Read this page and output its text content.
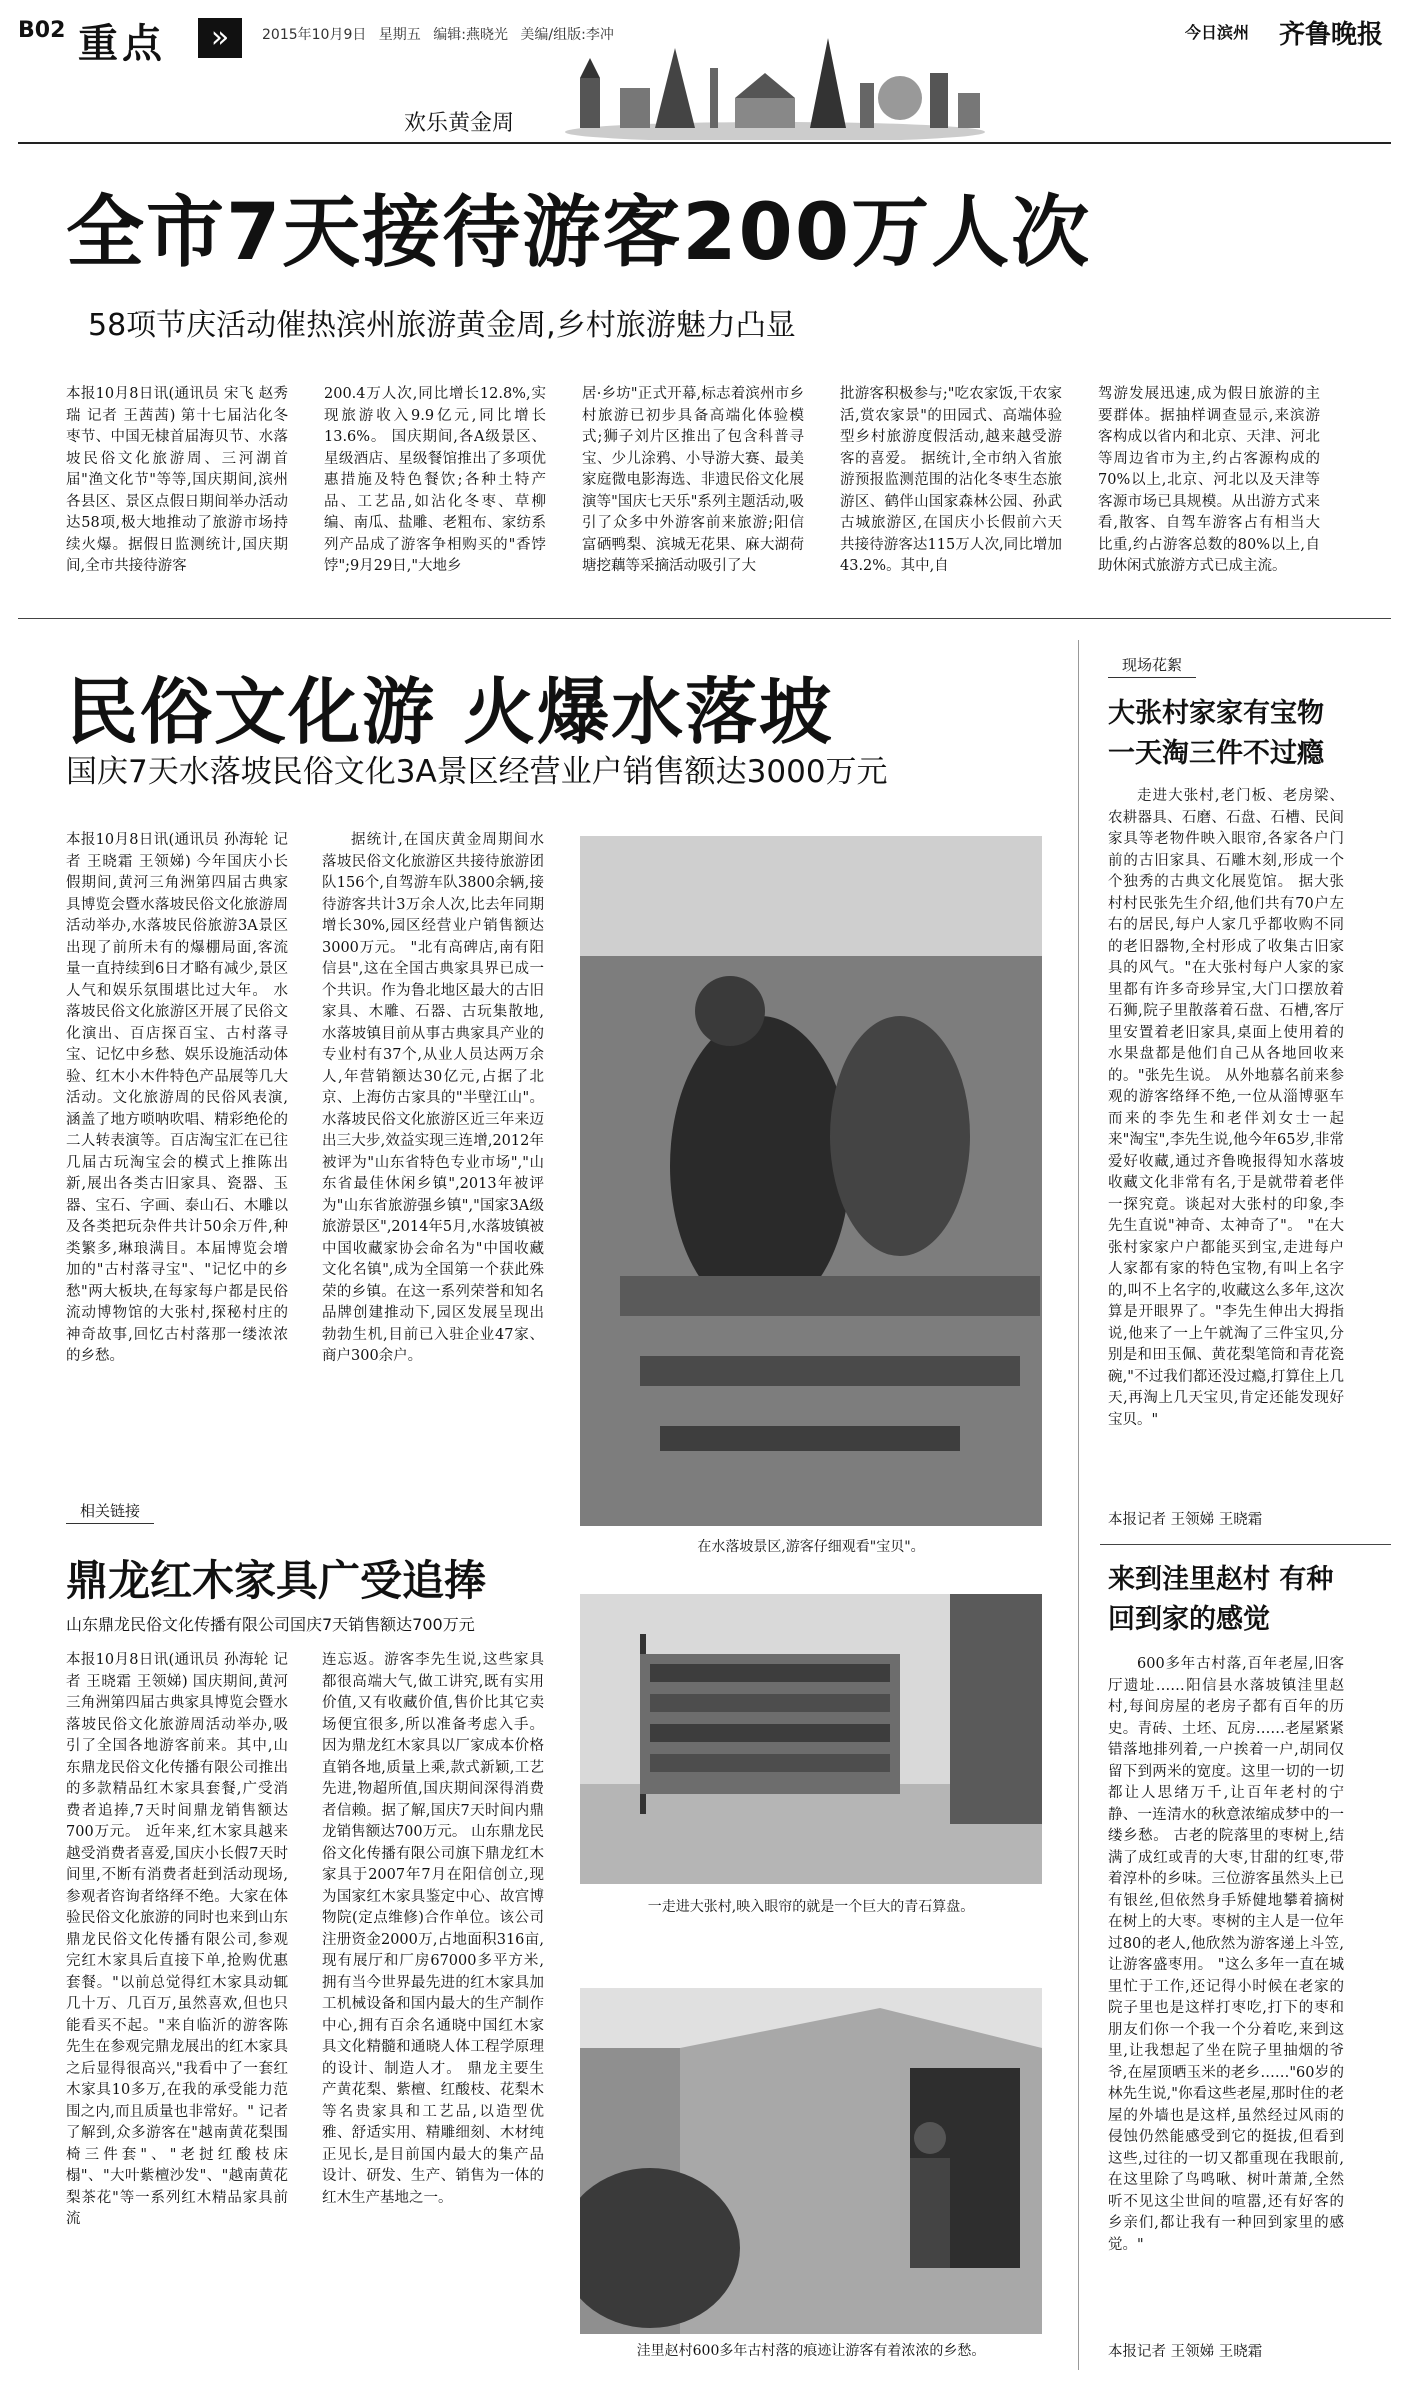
B02 重点	»	2015年10月9日 星期五 编辑:燕晓光 美编/组版:李冲	今日滨州 齐鲁晚报
欢乐黄金周
全市7天接待游客200万人次
58项节庆活动催热滨州旅游黄金周,乡村旅游魅力凸显
本报10月8日讯(通讯员 宋飞 赵秀瑞 记者 王茜茜) 第十七届沾化冬枣节、中国无棣首届海贝节、水落坡民俗文化旅游周、三河湖首届"渔文化节"等等,国庆期间,滨州各县区、景区点假日期间举办活动达58项,极大地推动了旅游市场持续火爆。据假日监测统计,国庆期间,全市共接待游客
200.4万人次,同比增长12.8%,实现旅游收入9.9亿元,同比增长13.6%。 国庆期间,各A级景区、星级酒店、星级餐馆推出了多项优惠措施及特色餐饮;各种土特产品、工艺品,如沾化冬枣、草柳编、南瓜、盐雕、老粗布、家纺系列产品成了游客争相购买的"香饽饽";9月29日,"大地乡
居·乡坊"正式开幕,标志着滨州市乡村旅游已初步具备高端化体验模式;狮子刘片区推出了包含科普寻宝、少儿涂鸦、小导游大赛、最美家庭微电影海选、非遗民俗文化展演等"国庆七天乐"系列主题活动,吸引了众多中外游客前来旅游;阳信富硒鸭梨、滨城无花果、麻大湖荷塘挖藕等采摘活动吸引了大
批游客积极参与;"吃农家饭,干农家活,赏农家景"的田园式、高端体验型乡村旅游度假活动,越来越受游客的喜爱。 据统计,全市纳入省旅游预报监测范围的沾化冬枣生态旅游区、鹤伴山国家森林公园、孙武古城旅游区,在国庆小长假前六天共接待游客达115万人次,同比增加43.2%。其中,自
驾游发展迅速,成为假日旅游的主要群体。据抽样调查显示,来滨游客构成以省内和北京、天津、河北等周边省市为主,约占客源构成的70%以上,北京、河北以及天津等客源市场已具规模。从出游方式来看,散客、自驾车游客占有相当大比重,约占游客总数的80%以上,自助休闲式旅游方式已成主流。
民俗文化游 火爆水落坡
国庆7天水落坡民俗文化3A景区经营业户销售额达3000万元
本报10月8日讯(通讯员 孙海轮 记者 王晓霜 王领娣) 今年国庆小长假期间,黄河三角洲第四届古典家具博览会暨水落坡民俗文化旅游周活动举办,水落坡民俗旅游3A景区出现了前所未有的爆棚局面,客流量一直持续到6日才略有减少,景区人气和娱乐氛围堪比过大年。 水落坡民俗文化旅游区开展了民俗文化演出、百店探百宝、古村落寻宝、记忆中乡愁、娱乐设施活动体验、红木小木件特色产品展等几大活动。文化旅游周的民俗风表演,涵盖了地方唢呐吹唱、精彩绝伦的二人转表演等。百店淘宝汇在已往几届古玩淘宝会的模式上推陈出新,展出各类古旧家具、瓷器、玉器、宝石、字画、泰山石、木雕以及各类把玩杂件共计50余万件,种类繁多,琳琅满目。本届博览会增加的"古村落寻宝"、"记忆中的乡愁"两大板块,在每家每户都是民俗流动博物馆的大张村,探秘村庄的神奇故事,回忆古村落那一缕浓浓的乡愁。
据统计,在国庆黄金周期间水落坡民俗文化旅游区共接待旅游团队156个,自驾游车队3800余辆,接待游客共计3万余人次,比去年同期增长30%,园区经营业户销售额达3000万元。 "北有高碑店,南有阳信县",这在全国古典家具界已成一个共识。作为鲁北地区最大的古旧家具、木雕、石器、古玩集散地,水落坡镇目前从事古典家具产业的专业村有37个,从业人员达两万余人,年营销额达30亿元,占据了北京、上海仿古家具的"半壁江山"。水落坡民俗文化旅游区近三年来迈出三大步,效益实现三连增,2012年被评为"山东省特色专业市场","山东省最佳休闲乡镇",2013年被评为"山东省旅游强乡镇","国家3A级旅游景区",2014年5月,水落坡镇被中国收藏家协会命名为"中国收藏文化名镇",成为全国第一个获此殊荣的乡镇。在这一系列荣誉和知名品牌创建推动下,园区发展呈现出勃勃生机,目前已入驻企业47家、商户300余户。
在水落坡景区,游客仔细观看"宝贝"。
一走进大张村,映入眼帘的就是一个巨大的青石算盘。
洼里赵村600多年古村落的痕迹让游客有着浓浓的乡愁。
相关链接
鼎龙红木家具广受追捧
山东鼎龙民俗文化传播有限公司国庆7天销售额达700万元
本报10月8日讯(通讯员 孙海轮 记者 王晓霜 王领娣) 国庆期间,黄河三角洲第四届古典家具博览会暨水落坡民俗文化旅游周活动举办,吸引了全国各地游客前来。其中,山东鼎龙民俗文化传播有限公司推出的多款精品红木家具套餐,广受消费者追捧,7天时间鼎龙销售额达700万元。 近年来,红木家具越来越受消费者喜爱,国庆小长假7天时间里,不断有消费者赶到活动现场,参观者咨询者络绎不绝。大家在体验民俗文化旅游的同时也来到山东鼎龙民俗文化传播有限公司,参观完红木家具后直接下单,抢购优惠套餐。"以前总觉得红木家具动辄几十万、几百万,虽然喜欢,但也只能看买不起。"来自临沂的游客陈先生在参观完鼎龙展出的红木家具之后显得很高兴,"我看中了一套红木家具10多万,在我的承受能力范围之内,而且质量也非常好。" 记者了解到,众多游客在"越南黄花梨围椅三件套"、"老挝红酸枝床榻"、"大叶紫檀沙发"、"越南黄花梨茶花"等一系列红木精品家具前流
连忘返。游客李先生说,这些家具都很高端大气,做工讲究,既有实用价值,又有收藏价值,售价比其它卖场便宜很多,所以准备考虑入手。因为鼎龙红木家具以厂家成本价格直销各地,质量上乘,款式新颖,工艺先进,物超所值,国庆期间深得消费者信赖。据了解,国庆7天时间内鼎龙销售额达700万元。 山东鼎龙民俗文化传播有限公司旗下鼎龙红木家具于2007年7月在阳信创立,现为国家红木家具鉴定中心、故宫博物院(定点维修)合作单位。该公司注册资金2000万,占地面积316亩,现有展厅和厂房67000多平方米,拥有当今世界最先进的红木家具加工机械设备和国内最大的生产制作中心,拥有百余名通晓中国红木家具文化精髓和通晓人体工程学原理的设计、制造人才。 鼎龙主要生产黄花梨、紫檀、红酸枝、花梨木等名贵家具和工艺品,以造型优雅、舒适实用、精雕细刻、木材纯正见长,是目前国内最大的集产品设计、研发、生产、销售为一体的红木生产基地之一。
现场花絮
大张村家家有宝物 一天淘三件不过瘾
走进大张村,老门板、老房梁、农耕器具、石磨、石盘、石槽、民间家具等老物件映入眼帘,各家各户门前的古旧家具、石雕木刻,形成一个个独秀的古典文化展览馆。 据大张村村民张先生介绍,他们共有70户左右的居民,每户人家几乎都收购不同的老旧器物,全村形成了收集古旧家具的风气。"在大张村每户人家的家里都有许多奇珍异宝,大门口摆放着石狮,院子里散落着石盘、石槽,客厅里安置着老旧家具,桌面上使用着的水果盘都是他们自己从各地回收来的。"张先生说。 从外地慕名前来参观的游客络绎不绝,一位从淄博驱车而来的李先生和老伴刘女士一起来"淘宝",李先生说,他今年65岁,非常爱好收藏,通过齐鲁晚报得知水落坡收藏文化非常有名,于是就带着老伴一探究竟。谈起对大张村的印象,李先生直说"神奇、太神奇了"。 "在大张村家家户户都能买到宝,走进每户人家都有家的特色宝物,有叫上名字的,叫不上名字的,收藏这么多年,这次算是开眼界了。"李先生伸出大拇指说,他来了一上午就淘了三件宝贝,分别是和田玉佩、黄花梨笔筒和青花瓷碗,"不过我们都还没过瘾,打算住上几天,再淘上几天宝贝,肯定还能发现好宝贝。"
本报记者 王领娣 王晓霜
来到洼里赵村 有种回到家的感觉
600多年古村落,百年老屋,旧客厅遗址……阳信县水落坡镇洼里赵村,每间房屋的老房子都有百年的历史。青砖、土坯、瓦房……老屋紧紧错落地排列着,一户挨着一户,胡同仅留下到两米的宽度。这里一切的一切都让人思绪万千,让百年老村的宁静、一连清水的秋意浓缩成梦中的一缕乡愁。 古老的院落里的枣树上,结满了成红或青的大枣,甘甜的红枣,带着淳朴的乡味。三位游客虽然头上已有银丝,但依然身手矫健地攀着摘树在树上的大枣。枣树的主人是一位年过80的老人,他欣然为游客递上斗笠,让游客盛枣用。 "这么多年一直在城里忙于工作,还记得小时候在老家的院子里也是这样打枣吃,打下的枣和朋友们你一个我一个分着吃,来到这里,让我想起了坐在院子里抽烟的爷爷,在屋顶晒玉米的老乡……"60岁的林先生说,"你看这些老屋,那时住的老屋的外墙也是这样,虽然经过风雨的侵蚀仍然能感受到它的挺拔,但看到这些,过往的一切又都重现在我眼前,在这里除了鸟鸣啾、树叶萧萧,全然听不见这尘世间的喧嚣,还有好客的乡亲们,都让我有一种回到家里的感觉。"
本报记者 王领娣 王晓霜
